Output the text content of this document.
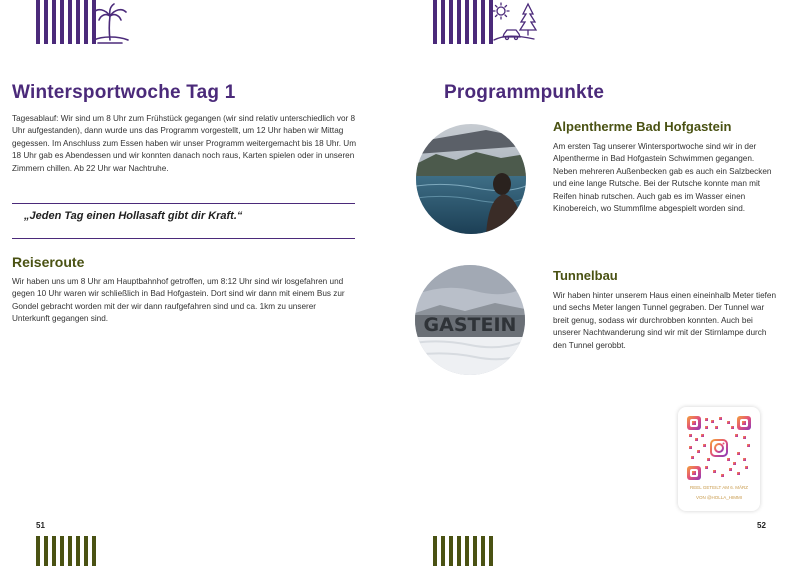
Wintersportwoche Tag 1

Tagesablauf: Wir sind um 8 Uhr zum Frühstück gegangen (wir sind relativ unterschiedlich vor 8 Uhr aufgestanden), dann wurde uns das Programm vorgestellt, um 12 Uhr haben wir Mittag gegessen. Im Anschluss zum Essen haben wir unser Programm weitergemacht bis 18 Uhr. Um 18 Uhr gab es Abendessen und wir konnten danach noch raus, Karten spielen oder in unseren Zimmern chillen. Ab 22 Uhr war Nachtruhe.

„Jeden Tag einen Hollasaft gibt dir Kraft.“
Reiseroute

Wir haben uns um 8 Uhr am Hauptbahnhof getroffen, um 8:12 Uhr sind wir losgefahren und gegen 10 Uhr waren wir schließlich in Bad Hofgastein. Dort sind wir dann mit einem Bus zur Gondel gebracht worden mit der wir dann raufgefahren sind und ca. 1km zu unserer Unterkunft gegangen sind.

51
Programmpunkte
Alpentherme Bad Hofgastein

Am ersten Tag unserer Wintersportwoche sind wir in der Alpentherme in Bad Hofgastein Schwimmen gegangen. Neben mehreren Außenbecken gab es auch ein Salzbecken und eine lange Rutsche. Bei der Rutsche konnte man mit Reifen hinab rutschen. Auch gab es im Wasser einen Kinobereich, wo Stummfilme abgespielt worden sind.

GASTEIN
Tunnelbau

Wir haben hinter unserem Haus einen eineinhalb Meter tiefen und sechs Meter langen Tunnel gegraben. Der Tunnel war breit genug, sodass wir durchrobben konnten. Auch bei unserer Nachtwanderung sind wir mit der Stirnlampe durch den Tunnel gerobbt.

52
REEL GETEILT AM 6. MÄRZ
VON @HOLLA_HIMMI
